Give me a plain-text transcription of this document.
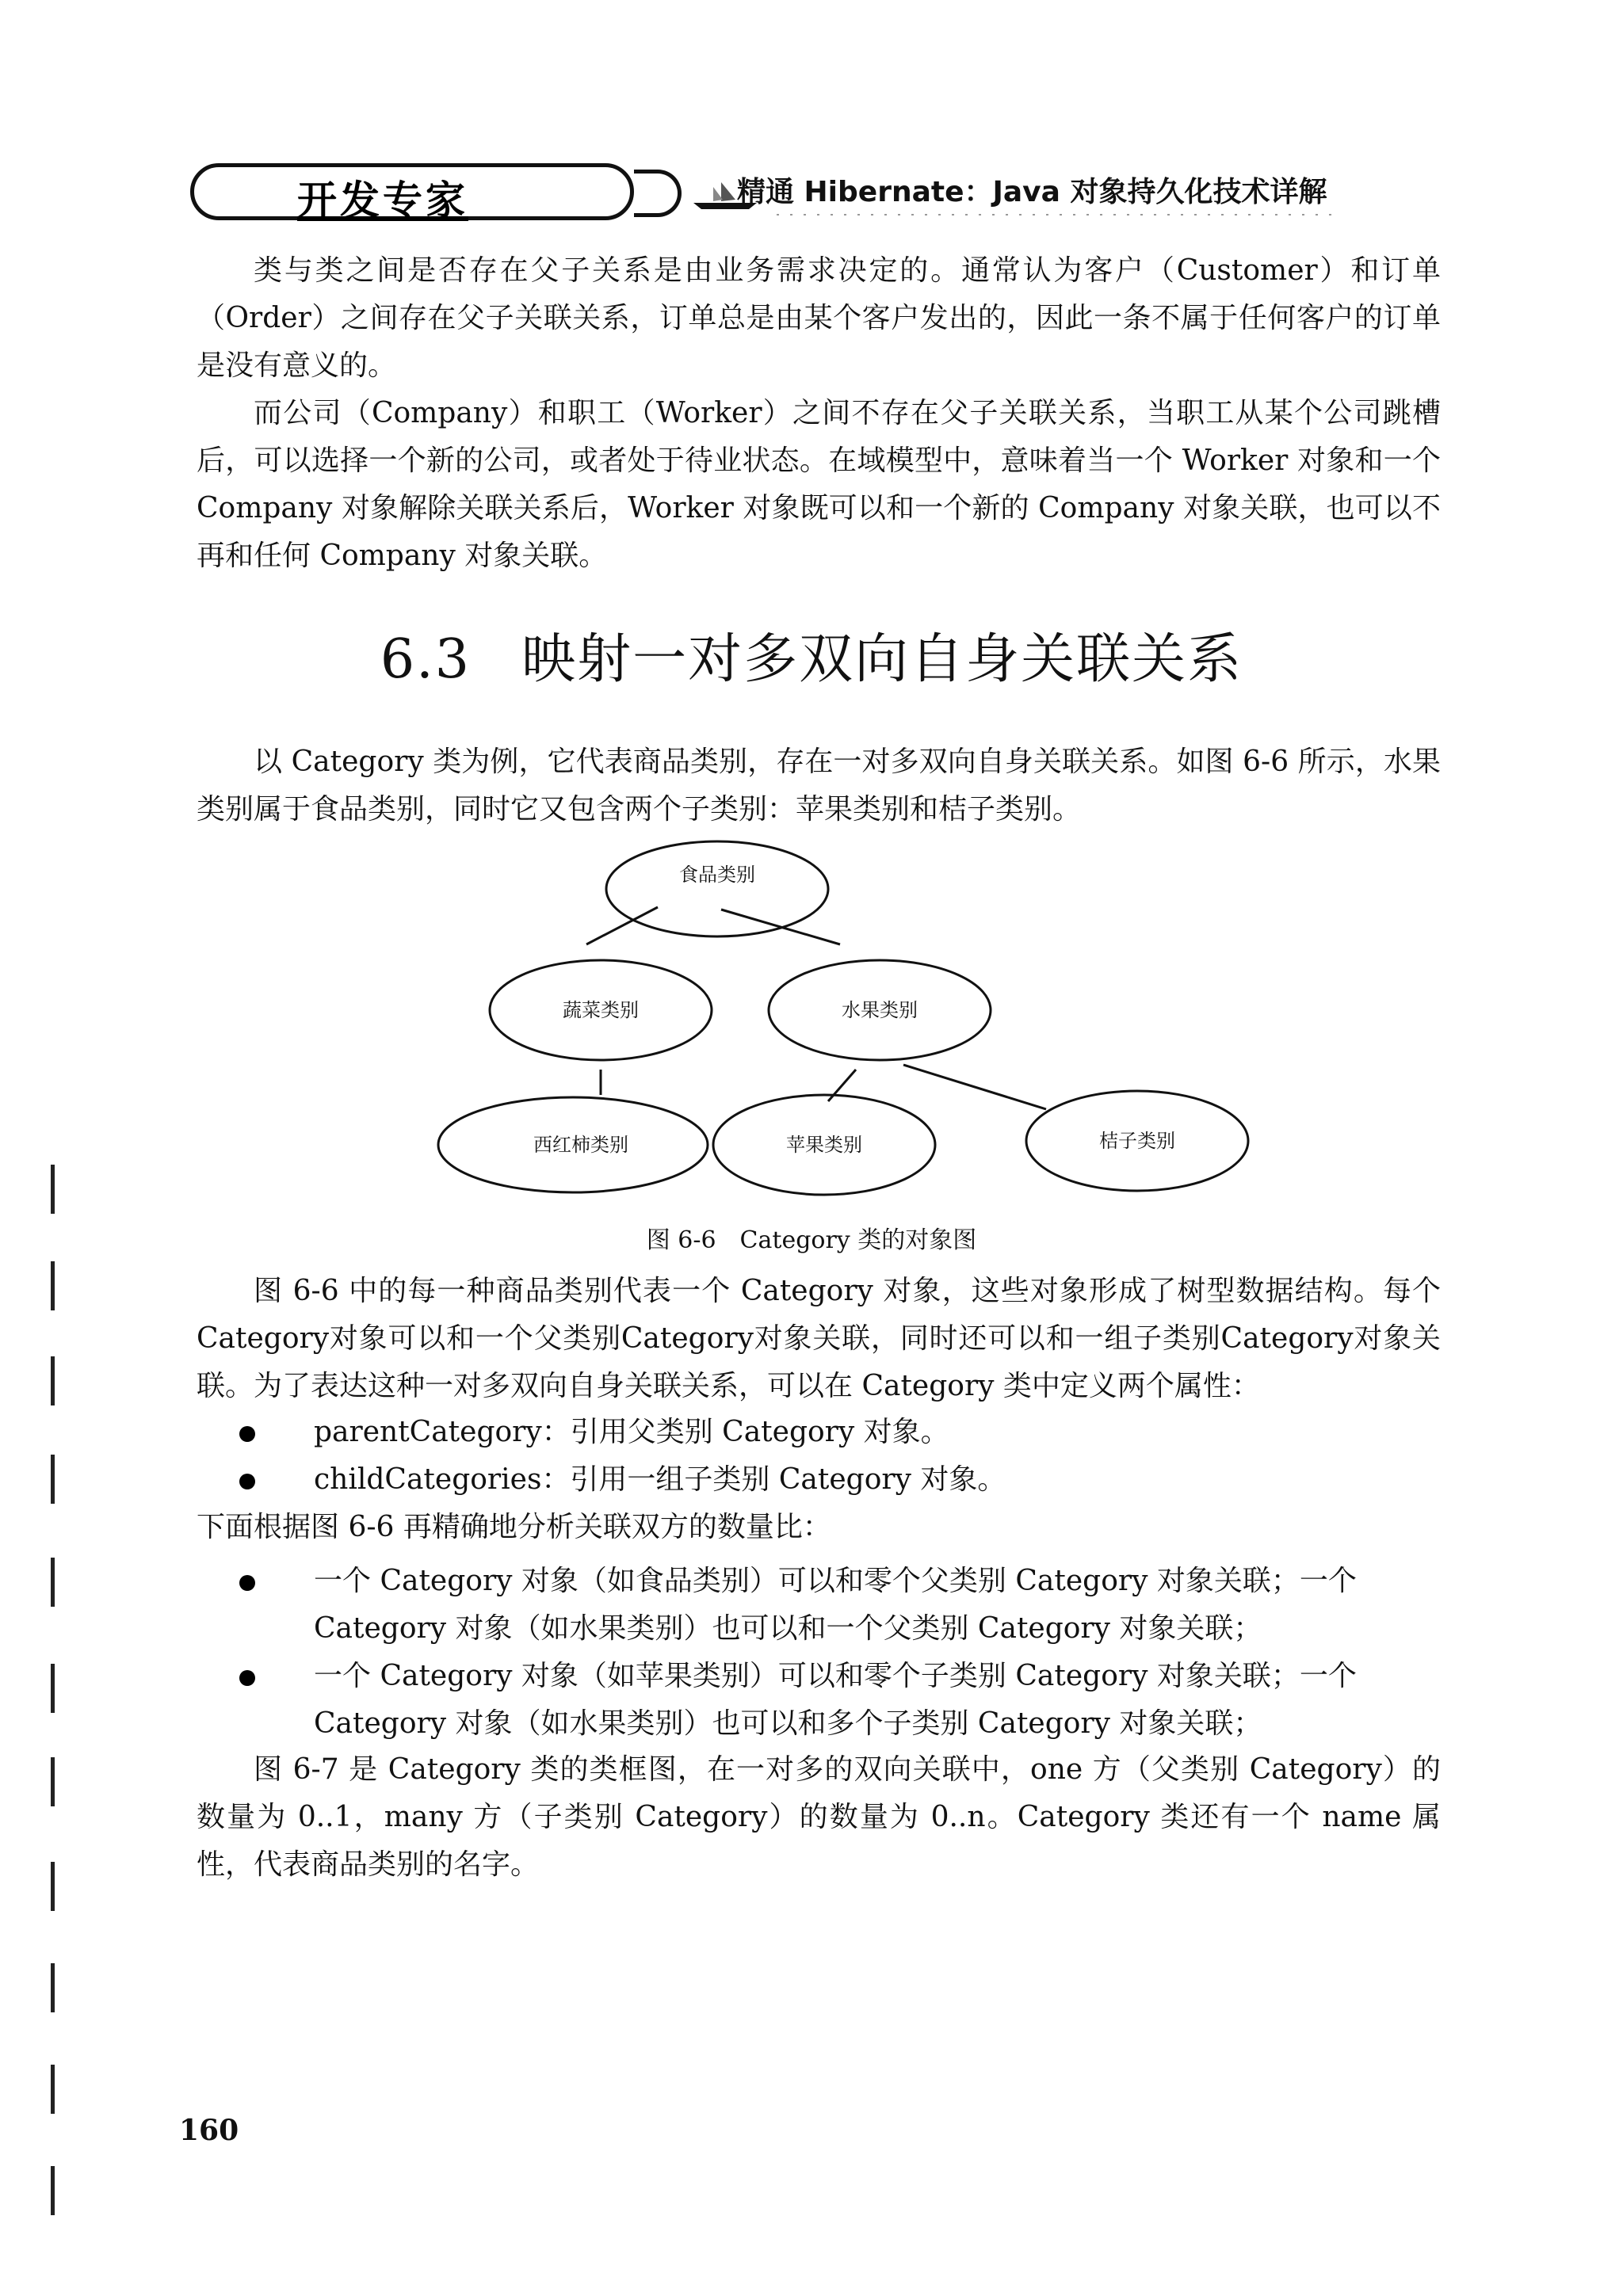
开发专家	精通 Hibernate：Java 对象持久化技术详解

类与类之间是否存在父子关系是由业务需求决定的。通常认为客户（Customer）和订单（Order）之间存在父子关联关系，订单总是由某个客户发出的，因此一条不属于任何客户的订单是没有意义的。

而公司（Company）和职工（Worker）之间不存在父子关联关系，当职工从某个公司跳槽后，可以选择一个新的公司，或者处于待业状态。在域模型中，意味着当一个 Worker 对象和一个 Company 对象解除关联关系后，Worker 对象既可以和一个新的 Company 对象关联，也可以不再和任何 Company 对象关联。

6.3 映射一对多双向自身关联关系

以 Category 类为例，它代表商品类别，存在一对多双向自身关联关系。如图 6-6 所示，水果类别属于食品类别，同时它又包含两个子类别：苹果类别和桔子类别。

食品类别
蔬菜类别	水果类别
西红柿类别	苹果类别	桔子类别
图 6-6　Category 类的对象图

图 6-6 中的每一种商品类别代表一个 Category 对象，这些对象形成了树型数据结构。每个Category对象可以和一个父类别Category对象关联，同时还可以和一组子类别Category对象关联。为了表达这种一对多双向自身关联关系，可以在 Category 类中定义两个属性：

parentCategory：引用父类别 Category 对象。
childCategories：引用一组子类别 Category 对象。

下面根据图 6-6 再精确地分析关联双方的数量比：

一个 Category 对象（如食品类别）可以和零个父类别 Category 对象关联；一个
Category 对象（如水果类别）也可以和一个父类别 Category 对象关联；
一个 Category 对象（如苹果类别）可以和零个子类别 Category 对象关联；一个
Category 对象（如水果类别）也可以和多个子类别 Category 对象关联；

图 6-7 是 Category 类的类框图，在一对多的双向关联中，one 方（父类别 Category）的数量为 0..1，many 方（子类别 Category）的数量为 0..n。Category 类还有一个 name 属性，代表商品类别的名字。

160
